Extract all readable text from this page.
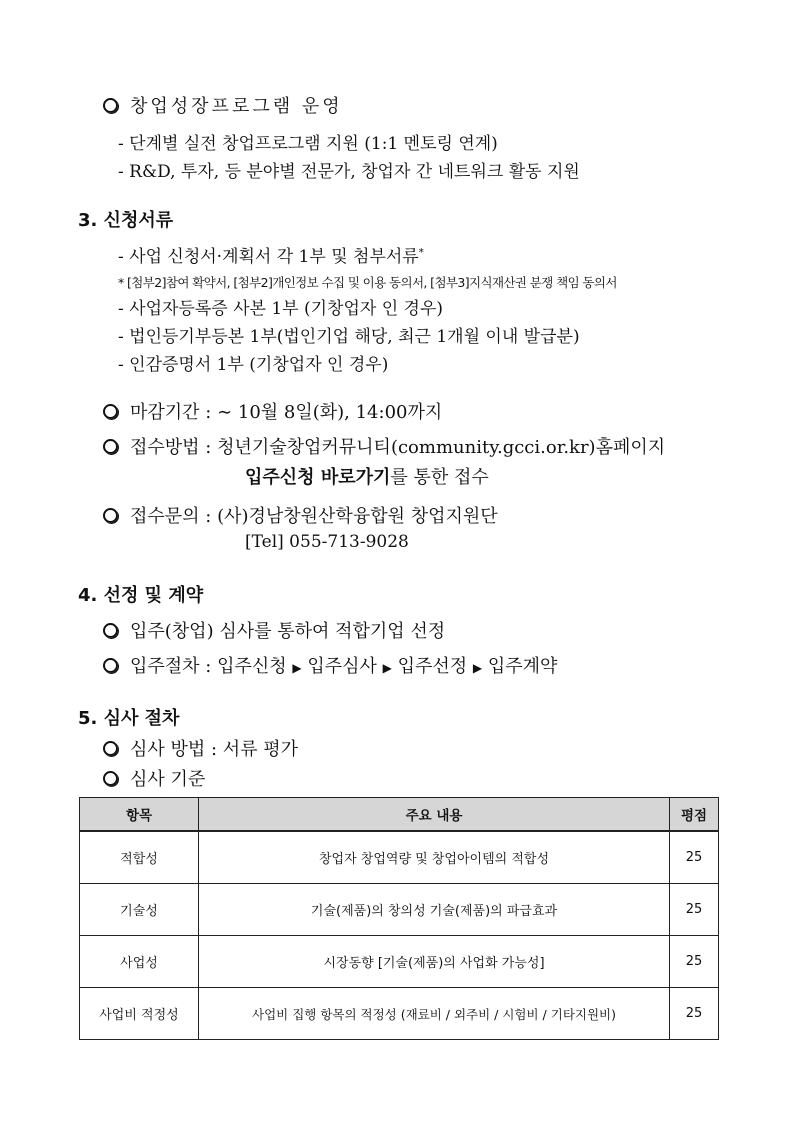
창업성장프로그램 운영
- 단계별 실전 창업프로그램 지원 (1:1 멘토링 연계)
- R&D, 투자, 등 분야별 전문가, 창업자 간 네트워크 활동 지원
3. 신청서류
- 사업 신청서·계획서 각 1부 및 첨부서류*
* [첨부2]참여 확약서, [첨부2]개인정보 수집 및 이용 동의서, [첨부3]지식재산권 분쟁 책임 동의서
- 사업자등록증 사본 1부 (기창업자 인 경우)
- 법인등기부등본 1부(법인기업 해당, 최근 1개월 이내 발급분)
- 인감증명서 1부 (기창업자 인 경우)
마감기간 : ∼ 10월 8일(화), 14:00까지
접수방법 : 청년기술창업커뮤니티(community.gcci.or.kr)홈페이지
입주신청 바로가기를 통한 접수
접수문의 : (사)경남창원산학융합원 창업지원단
[Tel] 055-713-9028
4. 선정 및 계약
입주(창업) 심사를 통하여 적합기업 선정
입주절차 : 입주신청 ▶ 입주심사 ▶ 입주선정 ▶ 입주계약
5. 심사 절차
심사 방법 : 서류 평가
심사 기준
항목	주요 내용	평점
적합성	창업자 창업역량 및 창업아이템의 적합성	25
기술성	기술(제품)의 창의성 기술(제품)의 파급효과	25
사업성	시장동향 [기술(제품)의 사업화 가능성]	25
사업비 적정성	사업비 집행 항목의 적정성 (재료비 / 외주비 / 시험비 / 기타지원비)	25
